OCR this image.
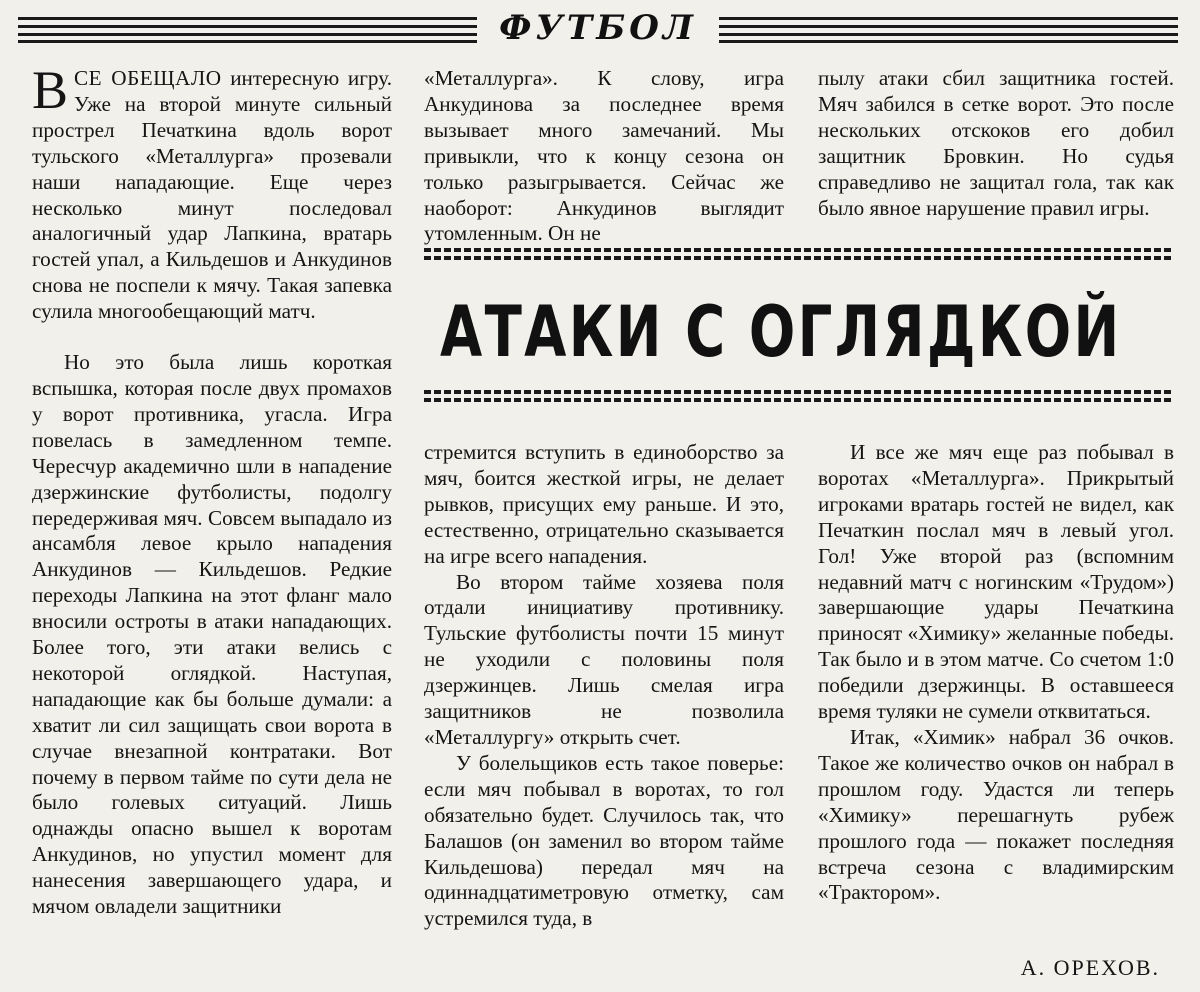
ФУТБОЛ

ВСЕ ОБЕЩАЛО интересную игру. Уже на второй минуте сильный прострел Печаткина вдоль ворот тульского «Металлурга» прозевали наши нападающие. Еще через несколько минут последовал аналогичный удар Лапкина, вратарь гостей упал, а Кильдешов и Анкудинов снова не поспели к мячу. Такая запевка сулила многообещающий матч.

Но это была лишь короткая вспышка, которая после двух промахов у ворот противника, угасла. Игра повелась в замедленном темпе. Чересчур академично шли в нападение дзержинские футболисты, подолгу передерживая мяч. Совсем выпадало из ансамбля левое крыло нападения Анкудинов — Кильдешов. Редкие переходы Лапкина на этот фланг мало вносили остроты в атаки нападающих. Более того, эти атаки велись с некоторой оглядкой. Наступая, нападающие как бы больше думали: а хватит ли сил защищать свои ворота в случае внезапной контратаки. Вот почему в первом тайме по сути дела не было голевых ситуаций. Лишь однажды опасно вышел к воротам Анкудинов, но упустил момент для нанесения завершающего удара, и мячом овладели защитники

«Металлурга». К слову, игра Анкудинова за последнее время вызывает много замечаний. Мы привыкли, что к концу сезона он только разыгрывается. Сейчас же наоборот: Анкудинов выглядит утомленным. Он не

пылу атаки сбил защитника гостей. Мяч забился в сетке ворот. Это после нескольких отскоков его добил защитник Бровкин. Но судья справедливо не защитал гола, так как было явное нарушение правил игры.

АТАКИ С ОГЛЯДКОЙ

стремится вступить в единоборство за мяч, боится жесткой игры, не делает рывков, присущих ему раньше. И это, естественно, отрицательно сказывается на игре всего нападения.

Во втором тайме хозяева поля отдали инициативу противнику. Тульские футболисты почти 15 минут не уходили с половины поля дзержинцев. Лишь смелая игра защитников не позволила «Металлургу» открыть счет.

У болельщиков есть такое поверье: если мяч побывал в воротах, то гол обязательно будет. Случилось так, что Балашов (он заменил во втором тайме Кильдешова) передал мяч на одиннадцатиметровую отметку, сам устремился туда, в

И все же мяч еще раз побывал в воротах «Металлурга». Прикрытый игроками вратарь гостей не видел, как Печаткин послал мяч в левый угол. Гол! Уже второй раз (вспомним недавний матч с ногинским «Трудом») завершающие удары Печаткина приносят «Химику» желанные победы. Так было и в этом матче. Со счетом 1:0 победили дзержинцы. В оставшееся время туляки не сумели отквитаться.

Итак, «Химик» набрал 36 очков. Такое же количество очков он набрал в прошлом году. Удастся ли теперь «Химику» перешагнуть рубеж прошлого года — покажет последняя встреча сезона с владимирским «Трактором».

А. ОРЕХОВ.
